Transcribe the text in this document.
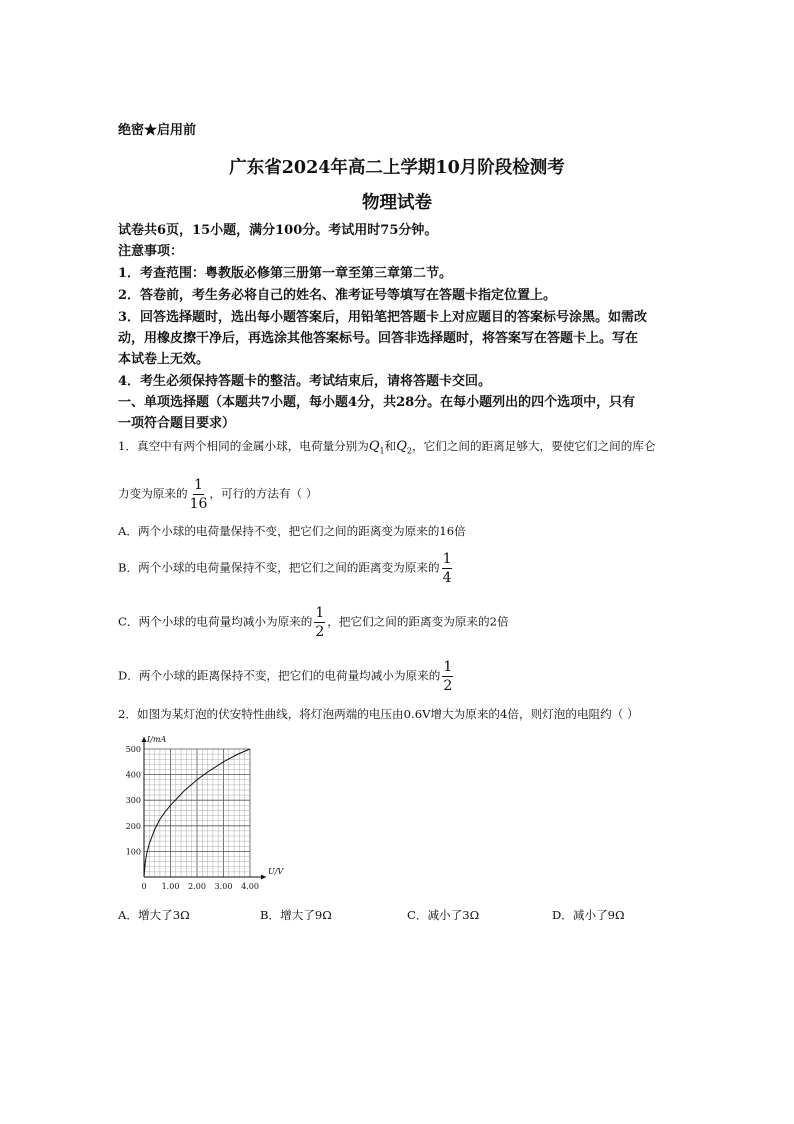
绝密★启用前
广东省2024年高二上学期10月阶段检测考
物理试卷
试卷共6页，15小题，满分100分。考试用时75分钟。
注意事项：
1．考查范围：粤教版必修第三册第一章至第三章第二节。
2．答卷前，考生务必将自己的姓名、准考证号等填写在答题卡指定位置上。
3．回答选择题时，选出每小题答案后，用铅笔把答题卡上对应题目的答案标号涂黑。如需改
动，用橡皮擦干净后，再选涂其他答案标号。回答非选择题时，将答案写在答题卡上。写在
本试卷上无效。
4．考生必须保持答题卡的整洁。考试结束后，请将答题卡交回。
一、单项选择题（本题共7小题，每小题4分，共28分。在每小题列出的四个选项中，只有
一项符合题目要求）
1．真空中有两个相同的金属小球，电荷量分别为$Q_1$和$Q_2$，它们之间的距离足够大，要使它们之间的库仑
力变为原来的 $\frac{1}{16}$ ，可行的方法有（ ）
A．两个小球的电荷量保持不变，把它们之间的距离变为原来的16倍
B．两个小球的电荷量保持不变，把它们之间的距离变为原来的 $\frac{1}{4}$
C．两个小球的电荷量均减小为原来的 $\frac{1}{2}$ ，把它们之间的距离变为原来的2倍
D．两个小球的距离保持不变，把它们的电荷量均减小为原来的 $\frac{1}{2}$
2．如图为某灯泡的伏安特性曲线，将灯泡两端的电压由0.6V增大为原来的4倍，则灯泡的电阻约（ ）
0 1.00 2.00 3.00 4.00
100
200
300
400
500
U/V
I/mA
A．增大了3Ω	B．增大了9Ω	C．减小了3Ω	D．减小了9Ω
